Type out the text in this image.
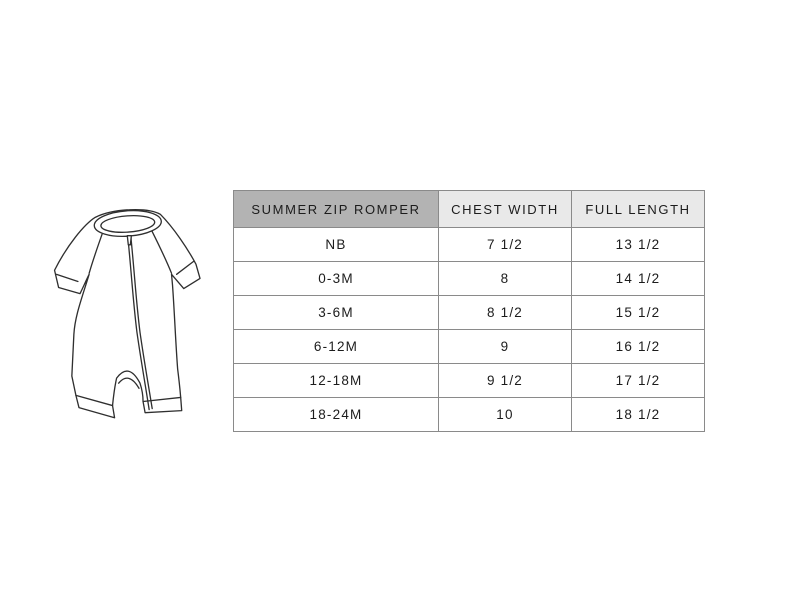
SUMMER ZIP ROMPER	CHEST WIDTH	FULL LENGTH
NB	7 1/2	13 1/2
0-3M	8	14 1/2
3-6M	8 1/2	15 1/2
6-12M	9	16 1/2
12-18M	9 1/2	17 1/2
18-24M	10	18 1/2
